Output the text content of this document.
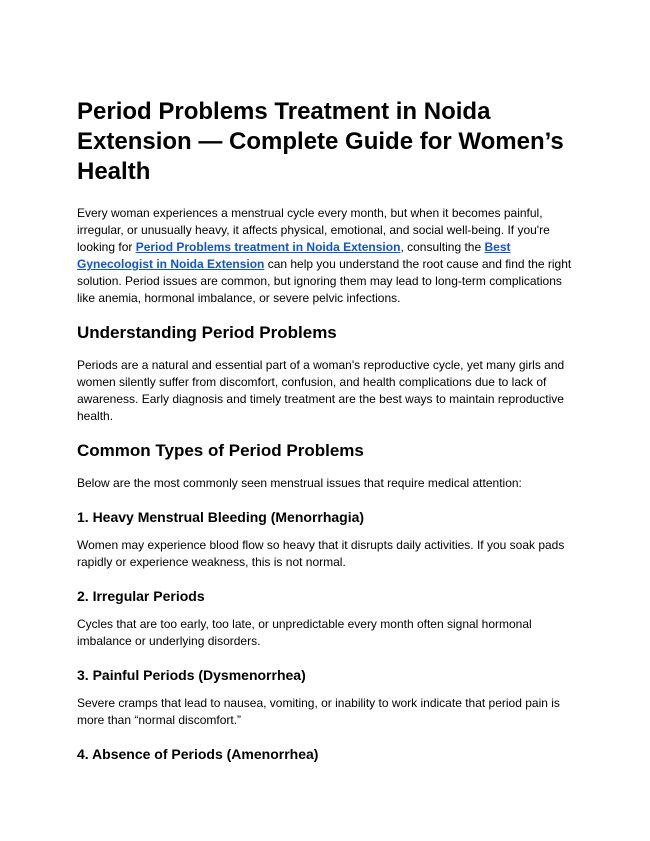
Period Problems Treatment in Noida Extension — Complete Guide for Women’s Health

Every woman experiences a menstrual cycle every month, but when it becomes painful, irregular, or unusually heavy, it affects physical, emotional, and social well-being. If you're looking for Period Problems treatment in Noida Extension, consulting the Best Gynecologist in Noida Extension can help you understand the root cause and find the right solution. Period issues are common, but ignoring them may lead to long-term complications like anemia, hormonal imbalance, or severe pelvic infections.

Understanding Period Problems

Periods are a natural and essential part of a woman's reproductive cycle, yet many girls and women silently suffer from discomfort, confusion, and health complications due to lack of awareness. Early diagnosis and timely treatment are the best ways to maintain reproductive health.

Common Types of Period Problems

Below are the most commonly seen menstrual issues that require medical attention:

1. Heavy Menstrual Bleeding (Menorrhagia)

Women may experience blood flow so heavy that it disrupts daily activities. If you soak pads rapidly or experience weakness, this is not normal.

2. Irregular Periods

Cycles that are too early, too late, or unpredictable every month often signal hormonal imbalance or underlying disorders.

3. Painful Periods (Dysmenorrhea)

Severe cramps that lead to nausea, vomiting, or inability to work indicate that period pain is more than “normal discomfort.”

4. Absence of Periods (Amenorrhea)
